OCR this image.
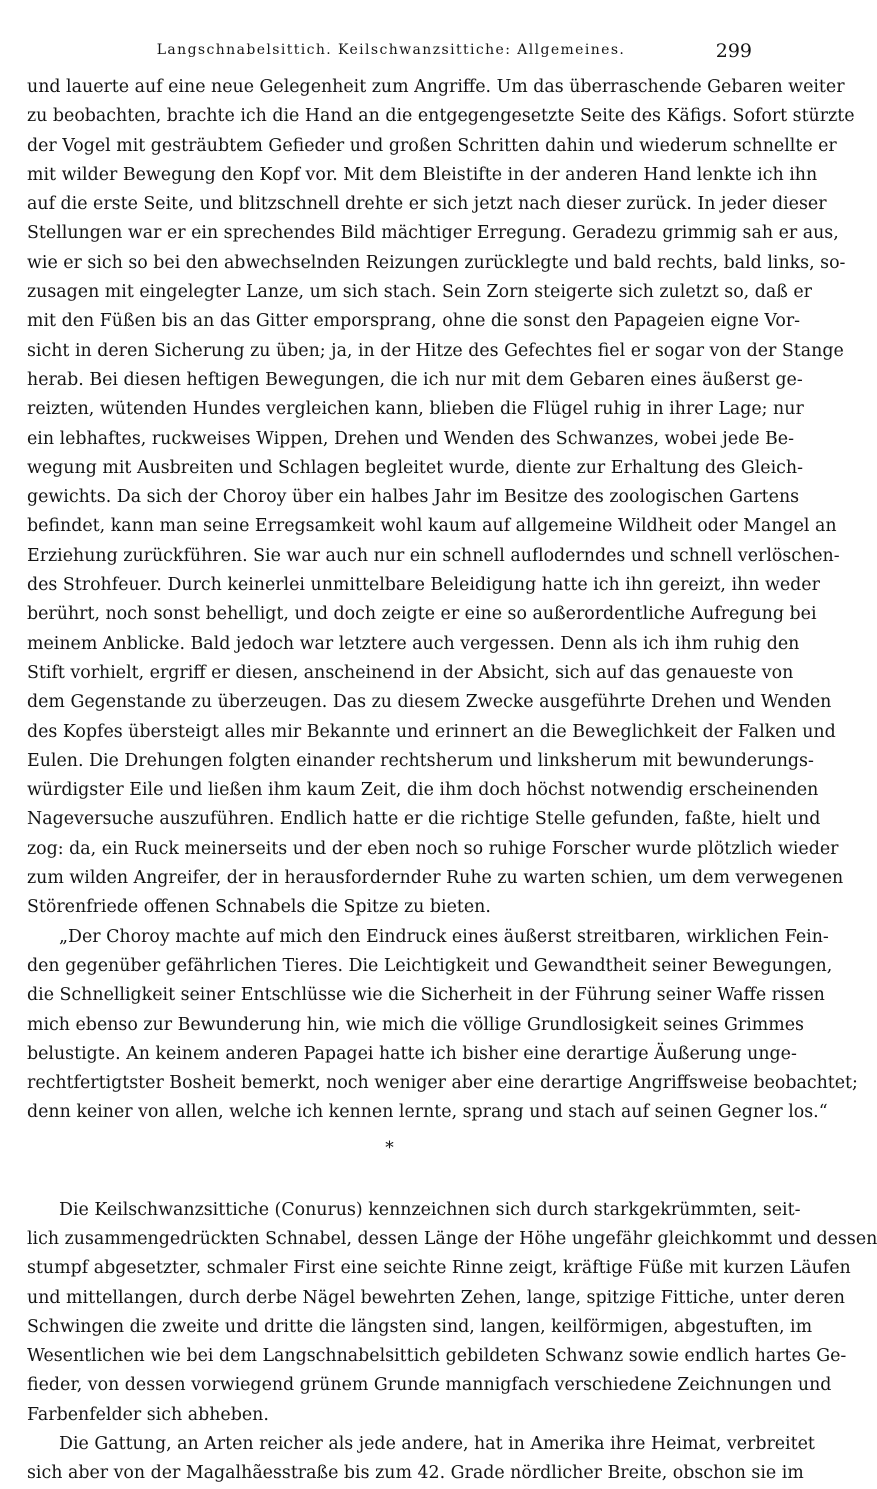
Langschnabelsittich. Keilschwanzsittiche: Allgemeines.	299
und lauerte auf eine neue Gelegenheit zum Angriffe. Um das überraschende Gebaren weiter
zu beobachten, brachte ich die Hand an die entgegengesetzte Seite des Käfigs. Sofort stürzte
der Vogel mit gesträubtem Gefieder und großen Schritten dahin und wiederum schnellte er
mit wilder Bewegung den Kopf vor. Mit dem Bleistifte in der anderen Hand lenkte ich ihn
auf die erste Seite, und blitzschnell drehte er sich jetzt nach dieser zurück. In jeder dieser
Stellungen war er ein sprechendes Bild mächtiger Erregung. Geradezu grimmig sah er aus,
wie er sich so bei den abwechselnden Reizungen zurücklegte und bald rechts, bald links, so-
zusagen mit eingelegter Lanze, um sich stach. Sein Zorn steigerte sich zuletzt so, daß er
mit den Füßen bis an das Gitter emporsprang, ohne die sonst den Papageien eigne Vor-
sicht in deren Sicherung zu üben; ja, in der Hitze des Gefechtes fiel er sogar von der Stange
herab. Bei diesen heftigen Bewegungen, die ich nur mit dem Gebaren eines äußerst ge-
reizten, wütenden Hundes vergleichen kann, blieben die Flügel ruhig in ihrer Lage; nur
ein lebhaftes, ruckweises Wippen, Drehen und Wenden des Schwanzes, wobei jede Be-
wegung mit Ausbreiten und Schlagen begleitet wurde, diente zur Erhaltung des Gleich-
gewichts. Da sich der Choroy über ein halbes Jahr im Besitze des zoologischen Gartens
befindet, kann man seine Erregsamkeit wohl kaum auf allgemeine Wildheit oder Mangel an
Erziehung zurückführen. Sie war auch nur ein schnell aufloderndes und schnell verlöschen-
des Strohfeuer. Durch keinerlei unmittelbare Beleidigung hatte ich ihn gereizt, ihn weder
berührt, noch sonst behelligt, und doch zeigte er eine so außerordentliche Aufregung bei
meinem Anblicke. Bald jedoch war letztere auch vergessen. Denn als ich ihm ruhig den
Stift vorhielt, ergriff er diesen, anscheinend in der Absicht, sich auf das genaueste von
dem Gegenstande zu überzeugen. Das zu diesem Zwecke ausgeführte Drehen und Wenden
des Kopfes übersteigt alles mir Bekannte und erinnert an die Beweglichkeit der Falken und
Eulen. Die Drehungen folgten einander rechtsherum und linksherum mit bewunderungs-
würdigster Eile und ließen ihm kaum Zeit, die ihm doch höchst notwendig erscheinenden
Nageversuche auszuführen. Endlich hatte er die richtige Stelle gefunden, faßte, hielt und
zog: da, ein Ruck meinerseits und der eben noch so ruhige Forscher wurde plötzlich wieder
zum wilden Angreifer, der in herausfordernder Ruhe zu warten schien, um dem verwegenen
Störenfriede offenen Schnabels die Spitze zu bieten.
„Der Choroy machte auf mich den Eindruck eines äußerst streitbaren, wirklichen Fein-
den gegenüber gefährlichen Tieres. Die Leichtigkeit und Gewandtheit seiner Bewegungen,
die Schnelligkeit seiner Entschlüsse wie die Sicherheit in der Führung seiner Waffe rissen
mich ebenso zur Bewunderung hin, wie mich die völlige Grundlosigkeit seines Grimmes
belustigte. An keinem anderen Papagei hatte ich bisher eine derartige Äußerung unge-
rechtfertigtster Bosheit bemerkt, noch weniger aber eine derartige Angriffsweise beobachtet;
denn keiner von allen, welche ich kennen lernte, sprang und stach auf seinen Gegner los.“
*
Die Keilschwanzsittiche (Conurus) kennzeichnen sich durch starkgekrümmten, seit-
lich zusammengedrückten Schnabel, dessen Länge der Höhe ungefähr gleichkommt und dessen
stumpf abgesetzter, schmaler First eine seichte Rinne zeigt, kräftige Füße mit kurzen Läufen
und mittellangen, durch derbe Nägel bewehrten Zehen, lange, spitzige Fittiche, unter deren
Schwingen die zweite und dritte die längsten sind, langen, keilförmigen, abgestuften, im
Wesentlichen wie bei dem Langschnabelsittich gebildeten Schwanz sowie endlich hartes Ge-
fieder, von dessen vorwiegend grünem Grunde mannigfach verschiedene Zeichnungen und
Farbenfelder sich abheben.
Die Gattung, an Arten reicher als jede andere, hat in Amerika ihre Heimat, verbreitet
sich aber von der Magalhãesstraße bis zum 42. Grade nördlicher Breite, obschon sie im
